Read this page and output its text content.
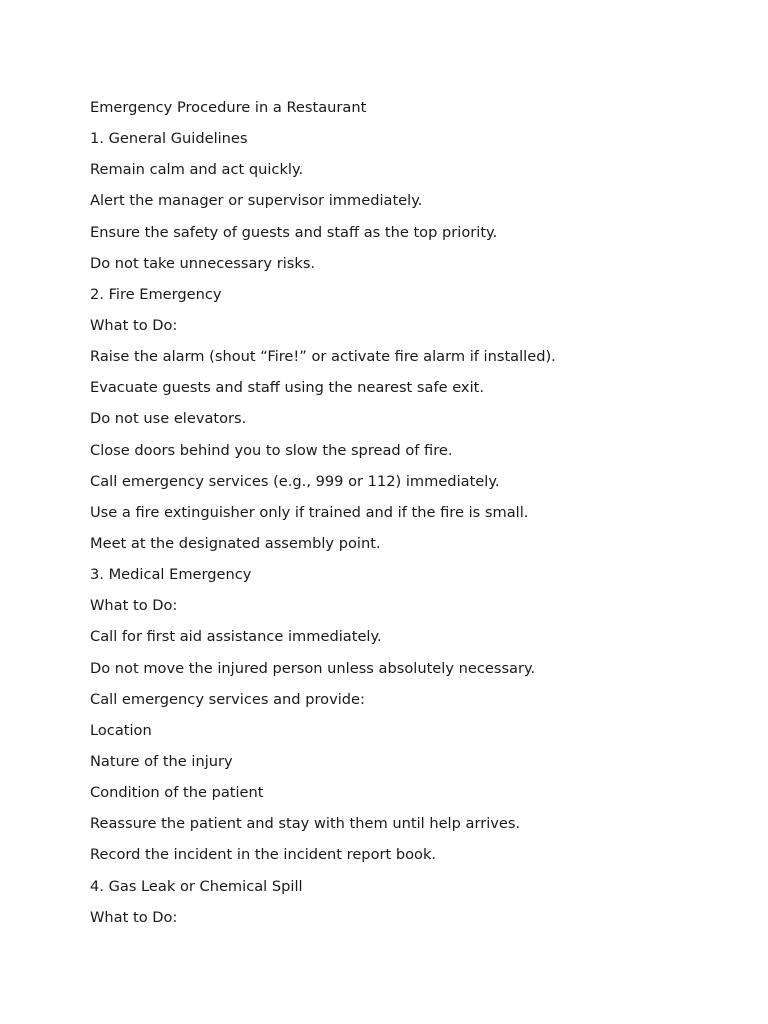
Emergency Procedure in a Restaurant
1. General Guidelines
Remain calm and act quickly.
Alert the manager or supervisor immediately.
Ensure the safety of guests and staff as the top priority.
Do not take unnecessary risks.
2. Fire Emergency
What to Do:
Raise the alarm (shout “Fire!” or activate fire alarm if installed).
Evacuate guests and staff using the nearest safe exit.
Do not use elevators.
Close doors behind you to slow the spread of fire.
Call emergency services (e.g., 999 or 112) immediately.
Use a fire extinguisher only if trained and if the fire is small.
Meet at the designated assembly point.
3. Medical Emergency
What to Do:
Call for first aid assistance immediately.
Do not move the injured person unless absolutely necessary.
Call emergency services and provide:
Location
Nature of the injury
Condition of the patient
Reassure the patient and stay with them until help arrives.
Record the incident in the incident report book.
4. Gas Leak or Chemical Spill
What to Do:
